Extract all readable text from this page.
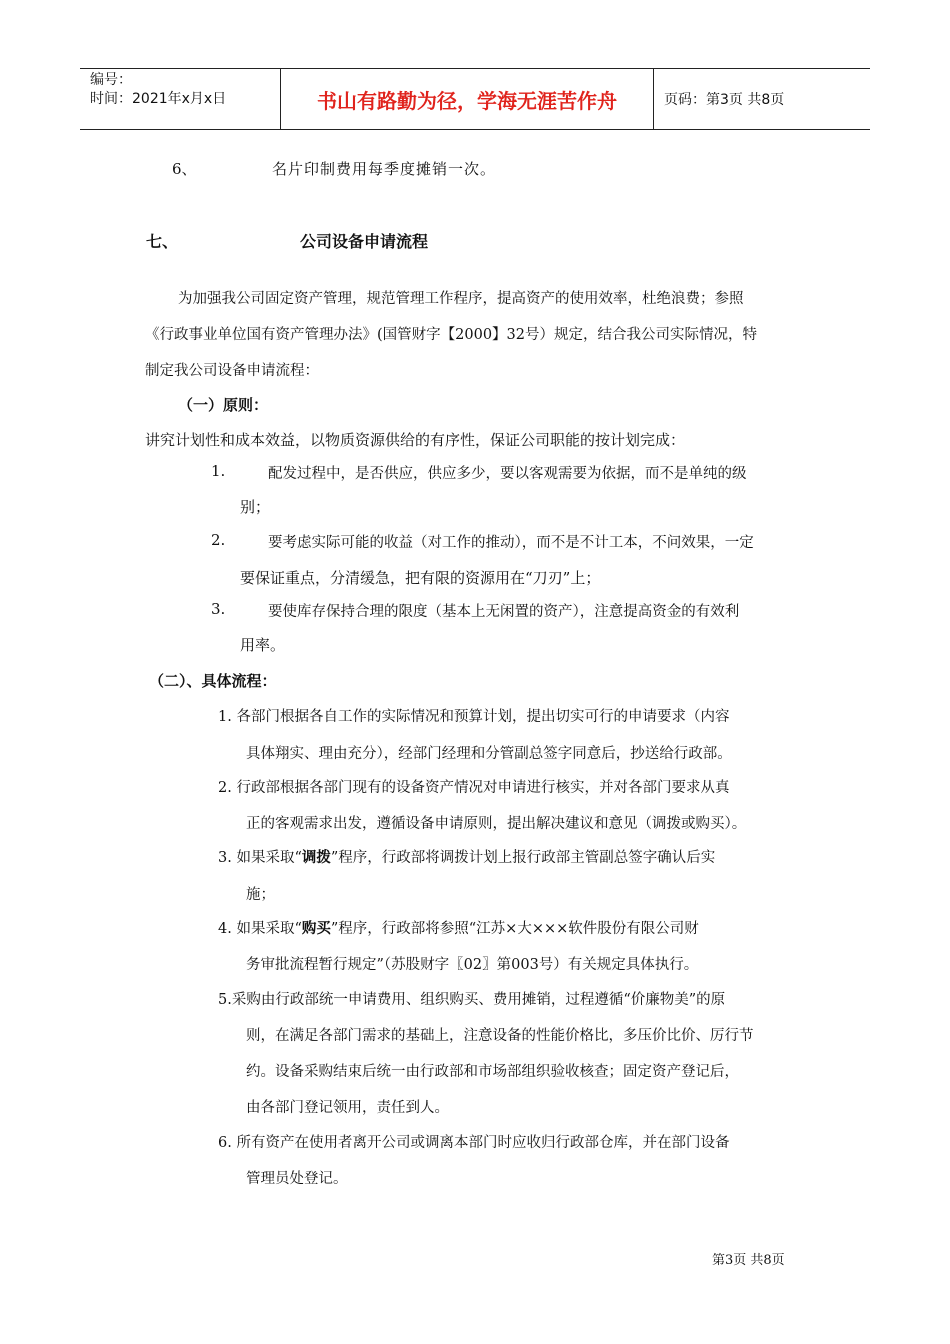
编号：
时间：2021年x月x日	书山有路勤为径，学海无涯苦作舟	页码：第3页 共8页
6、	名片印制费用每季度摊销一次。
七、	公司设备申请流程
为加强我公司固定资产管理，规范管理工作程序，提高资产的使用效率，杜绝浪费；参照
《行政事业单位国有资产管理办法》(国管财字【2000】32号）规定，结合我公司实际情况，特
制定我公司设备申请流程：
（一）原则：
讲究计划性和成本效益，以物质资源供给的有序性，保证公司职能的按计划完成：
1.	配发过程中，是否供应，供应多少，要以客观需要为依据，而不是单纯的级
别；
2.	要考虑实际可能的收益（对工作的推动），而不是不计工本，不问效果，一定
要保证重点，分清缓急，把有限的资源用在“刀刃”上；
3.	要使库存保持合理的限度（基本上无闲置的资产），注意提高资金的有效利
用率。
（二）、具体流程：
1. 各部门根据各自工作的实际情况和预算计划，提出切实可行的申请要求（内容
具体翔实、理由充分），经部门经理和分管副总签字同意后，抄送给行政部。
2. 行政部根据各部门现有的设备资产情况对申请进行核实，并对各部门要求从真
正的客观需求出发，遵循设备申请原则，提出解决建议和意见（调拨或购买）。
3. 如果采取“调拨”程序，行政部将调拨计划上报行政部主管副总签字确认后实
施；
4. 如果采取“购买”程序，行政部将参照“江苏×大×××软件股份有限公司财
务审批流程暂行规定”（苏股财字〖02〗第003号）有关规定具体执行。
5.采购由行政部统一申请费用、组织购买、费用摊销，过程遵循“价廉物美”的原
则，在满足各部门需求的基础上，注意设备的性能价格比，多压价比价、厉行节
约。设备采购结束后统一由行政部和市场部组织验收核查；固定资产登记后，
由各部门登记领用，责任到人。
6. 所有资产在使用者离开公司或调离本部门时应收归行政部仓库，并在部门设备
管理员处登记。
第3页 共8页
